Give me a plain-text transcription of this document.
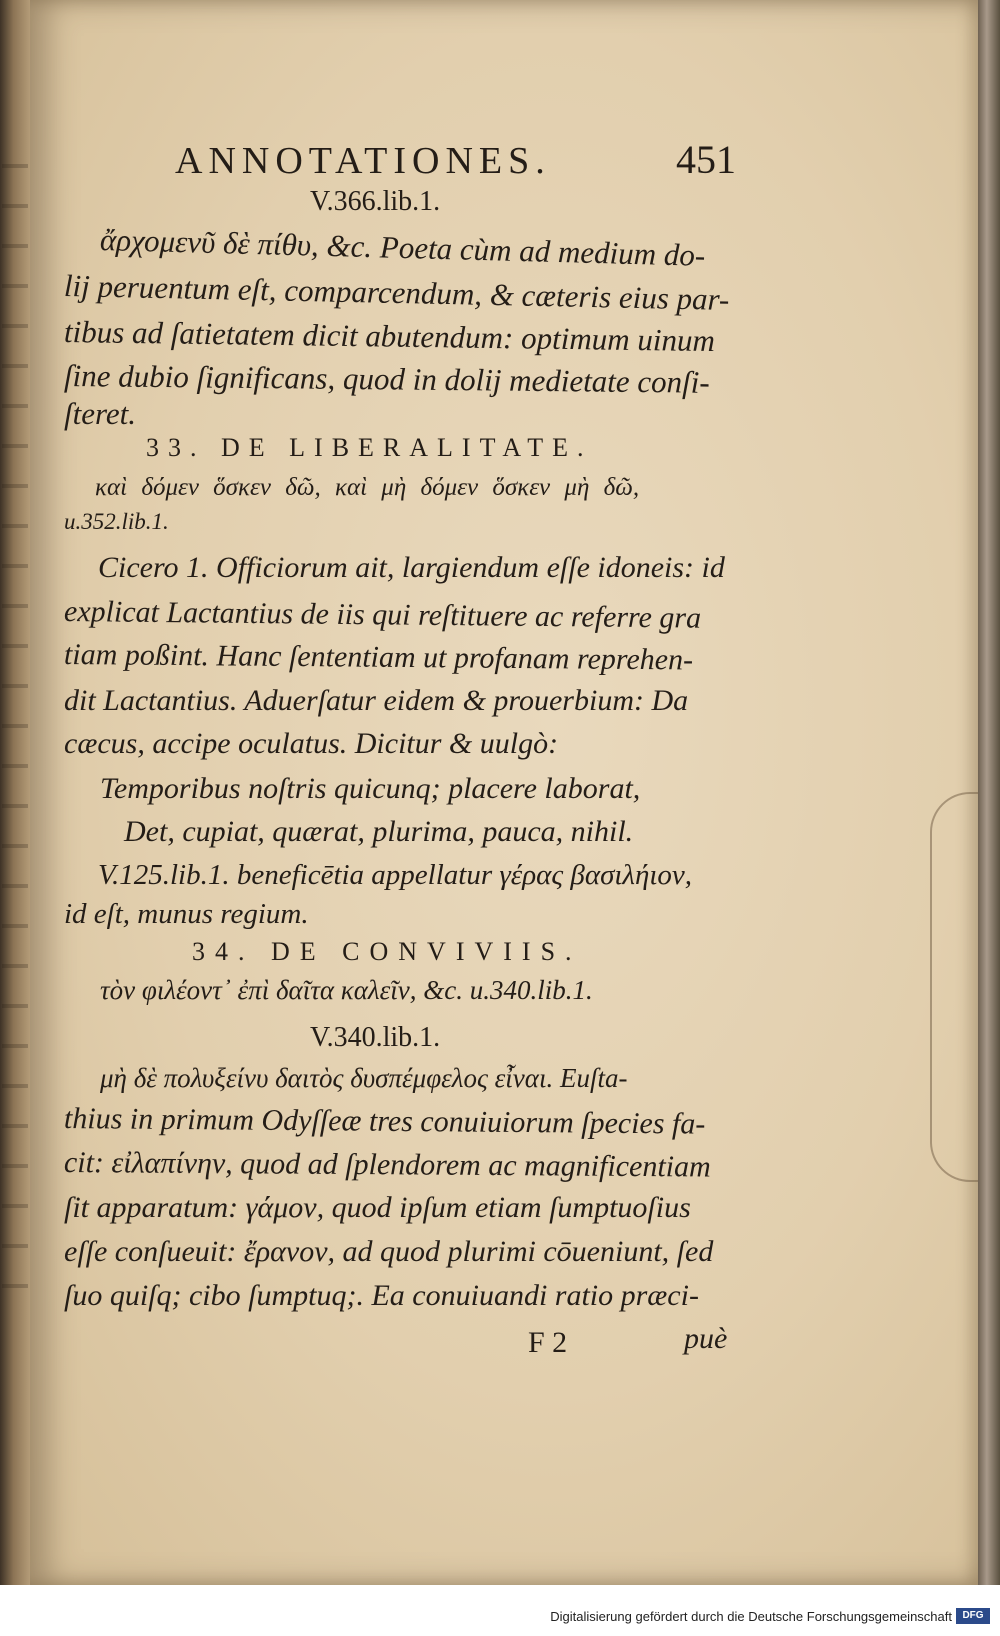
ANNOTATIONES.	451
V.366.lib.1.
ἄρχομενῦ δὲ πίθυ, &c. Poeta cùm ad medium do-
lij peruentum eſt, comparcendum, & cæteris eius par-
tibus ad ſatietatem dicit abutendum: optimum uinum
ſine dubio ſignificans, quod in dolij medietate conſi-
ſteret.
33. DE LIBERALITATE.
καὶ δόμεν ὅσκεν δῶ, καὶ μὴ δόμεν ὅσκεν μὴ δῶ,
u.352.lib.1.
Cicero 1. Officiorum ait, largiendum eſſe idoneis: id
explicat Lactantius de iis qui reſtituere ac referre gra
tiam poßint. Hanc ſententiam ut profanam reprehen-
dit Lactantius. Aduerſatur eidem & prouerbium: Da
cæcus, accipe oculatus. Dicitur & uulgò:
Temporibus noſtris quicunq; placere laborat,
Det, cupiat, quærat, plurima, pauca, nihil.
V.125.lib.1. beneficētia appellatur γέρας βασιλήιον,
id eſt, munus regium.
34. DE CONVIVIIS.
τὸν φιλέοντ᾽ ἐπὶ δαῖτα καλεῖν, &c. u.340.lib.1.
V.340.lib.1.
μὴ δὲ πολυξείνυ δαιτὸς δυσπέμφελος εἶναι. Euſta-
thius in primum Odyſſeæ tres conuiuiorum ſpecies fa-
cit: εἰλαπίνην, quod ad ſplendorem ac magnificentiam
ſit apparatum: γάμον, quod ipſum etiam ſumptuoſius
eſſe conſueuit: ἔρανον, ad quod plurimi cōueniunt, ſed
ſuo quiſq; cibo ſumptuq;. Ea conuiuandi ratio præci-
F 2	puè
Digitalisierung gefördert durch die Deutsche Forschungsgemeinschaft	DFG
